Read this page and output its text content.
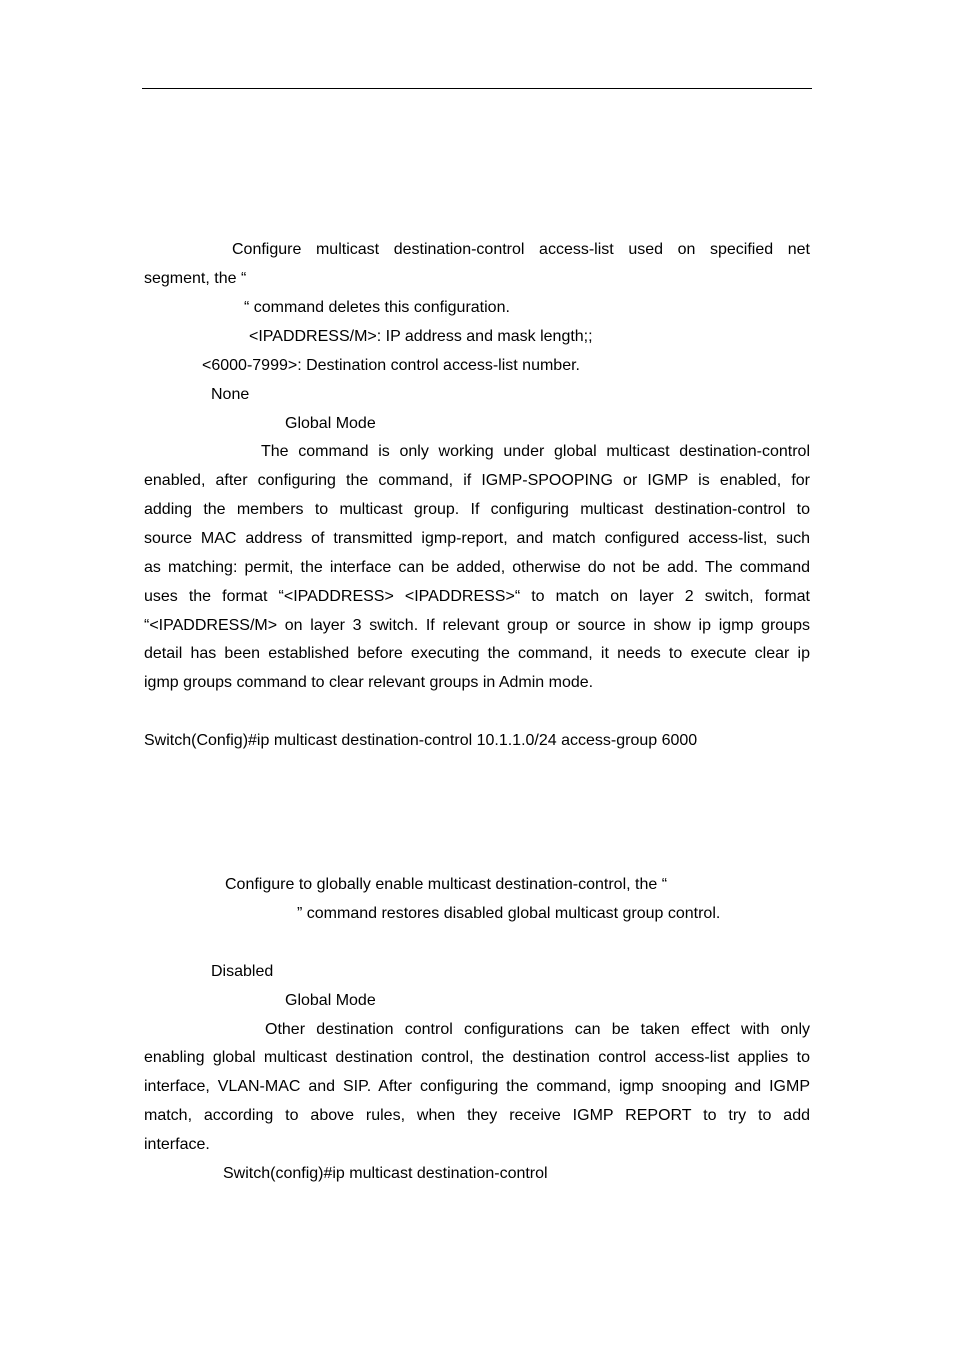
Configure multicast destination-control access-list used on specified net
segment, the “
“ command deletes this configuration.
<IPADDRESS/M>: IP address and mask length;;
<6000-7999>: Destination control access-list number.
None
Global Mode
The command is only working under global multicast destination-control
enabled, after configuring the command, if IGMP-SPOOPING or IGMP is enabled, for
adding the members to multicast group. If configuring multicast destination-control to
source MAC address of transmitted igmp-report, and match configured access-list, such
as matching: permit, the interface can be added, otherwise do not be add. The command
uses the format “<IPADDRESS> <IPADDRESS>“ to match on layer 2 switch, format
“<IPADDRESS/M> on layer 3 switch. If relevant group or source in show ip igmp groups
detail has been established before executing the command, it needs to execute clear ip
igmp groups command to clear relevant groups in Admin mode.
Switch(Config)#ip multicast destination-control 10.1.1.0/24 access-group 6000
Configure to globally enable multicast destination-control, the “
” command restores disabled global multicast group control.
Disabled
Global Mode
Other destination control configurations can be taken effect with only
enabling global multicast destination control, the destination control access-list applies to
interface, VLAN-MAC and SIP. After configuring the command, igmp snooping and IGMP
match, according to above rules, when they receive IGMP REPORT to try to add
interface.
Switch(config)#ip multicast destination-control
